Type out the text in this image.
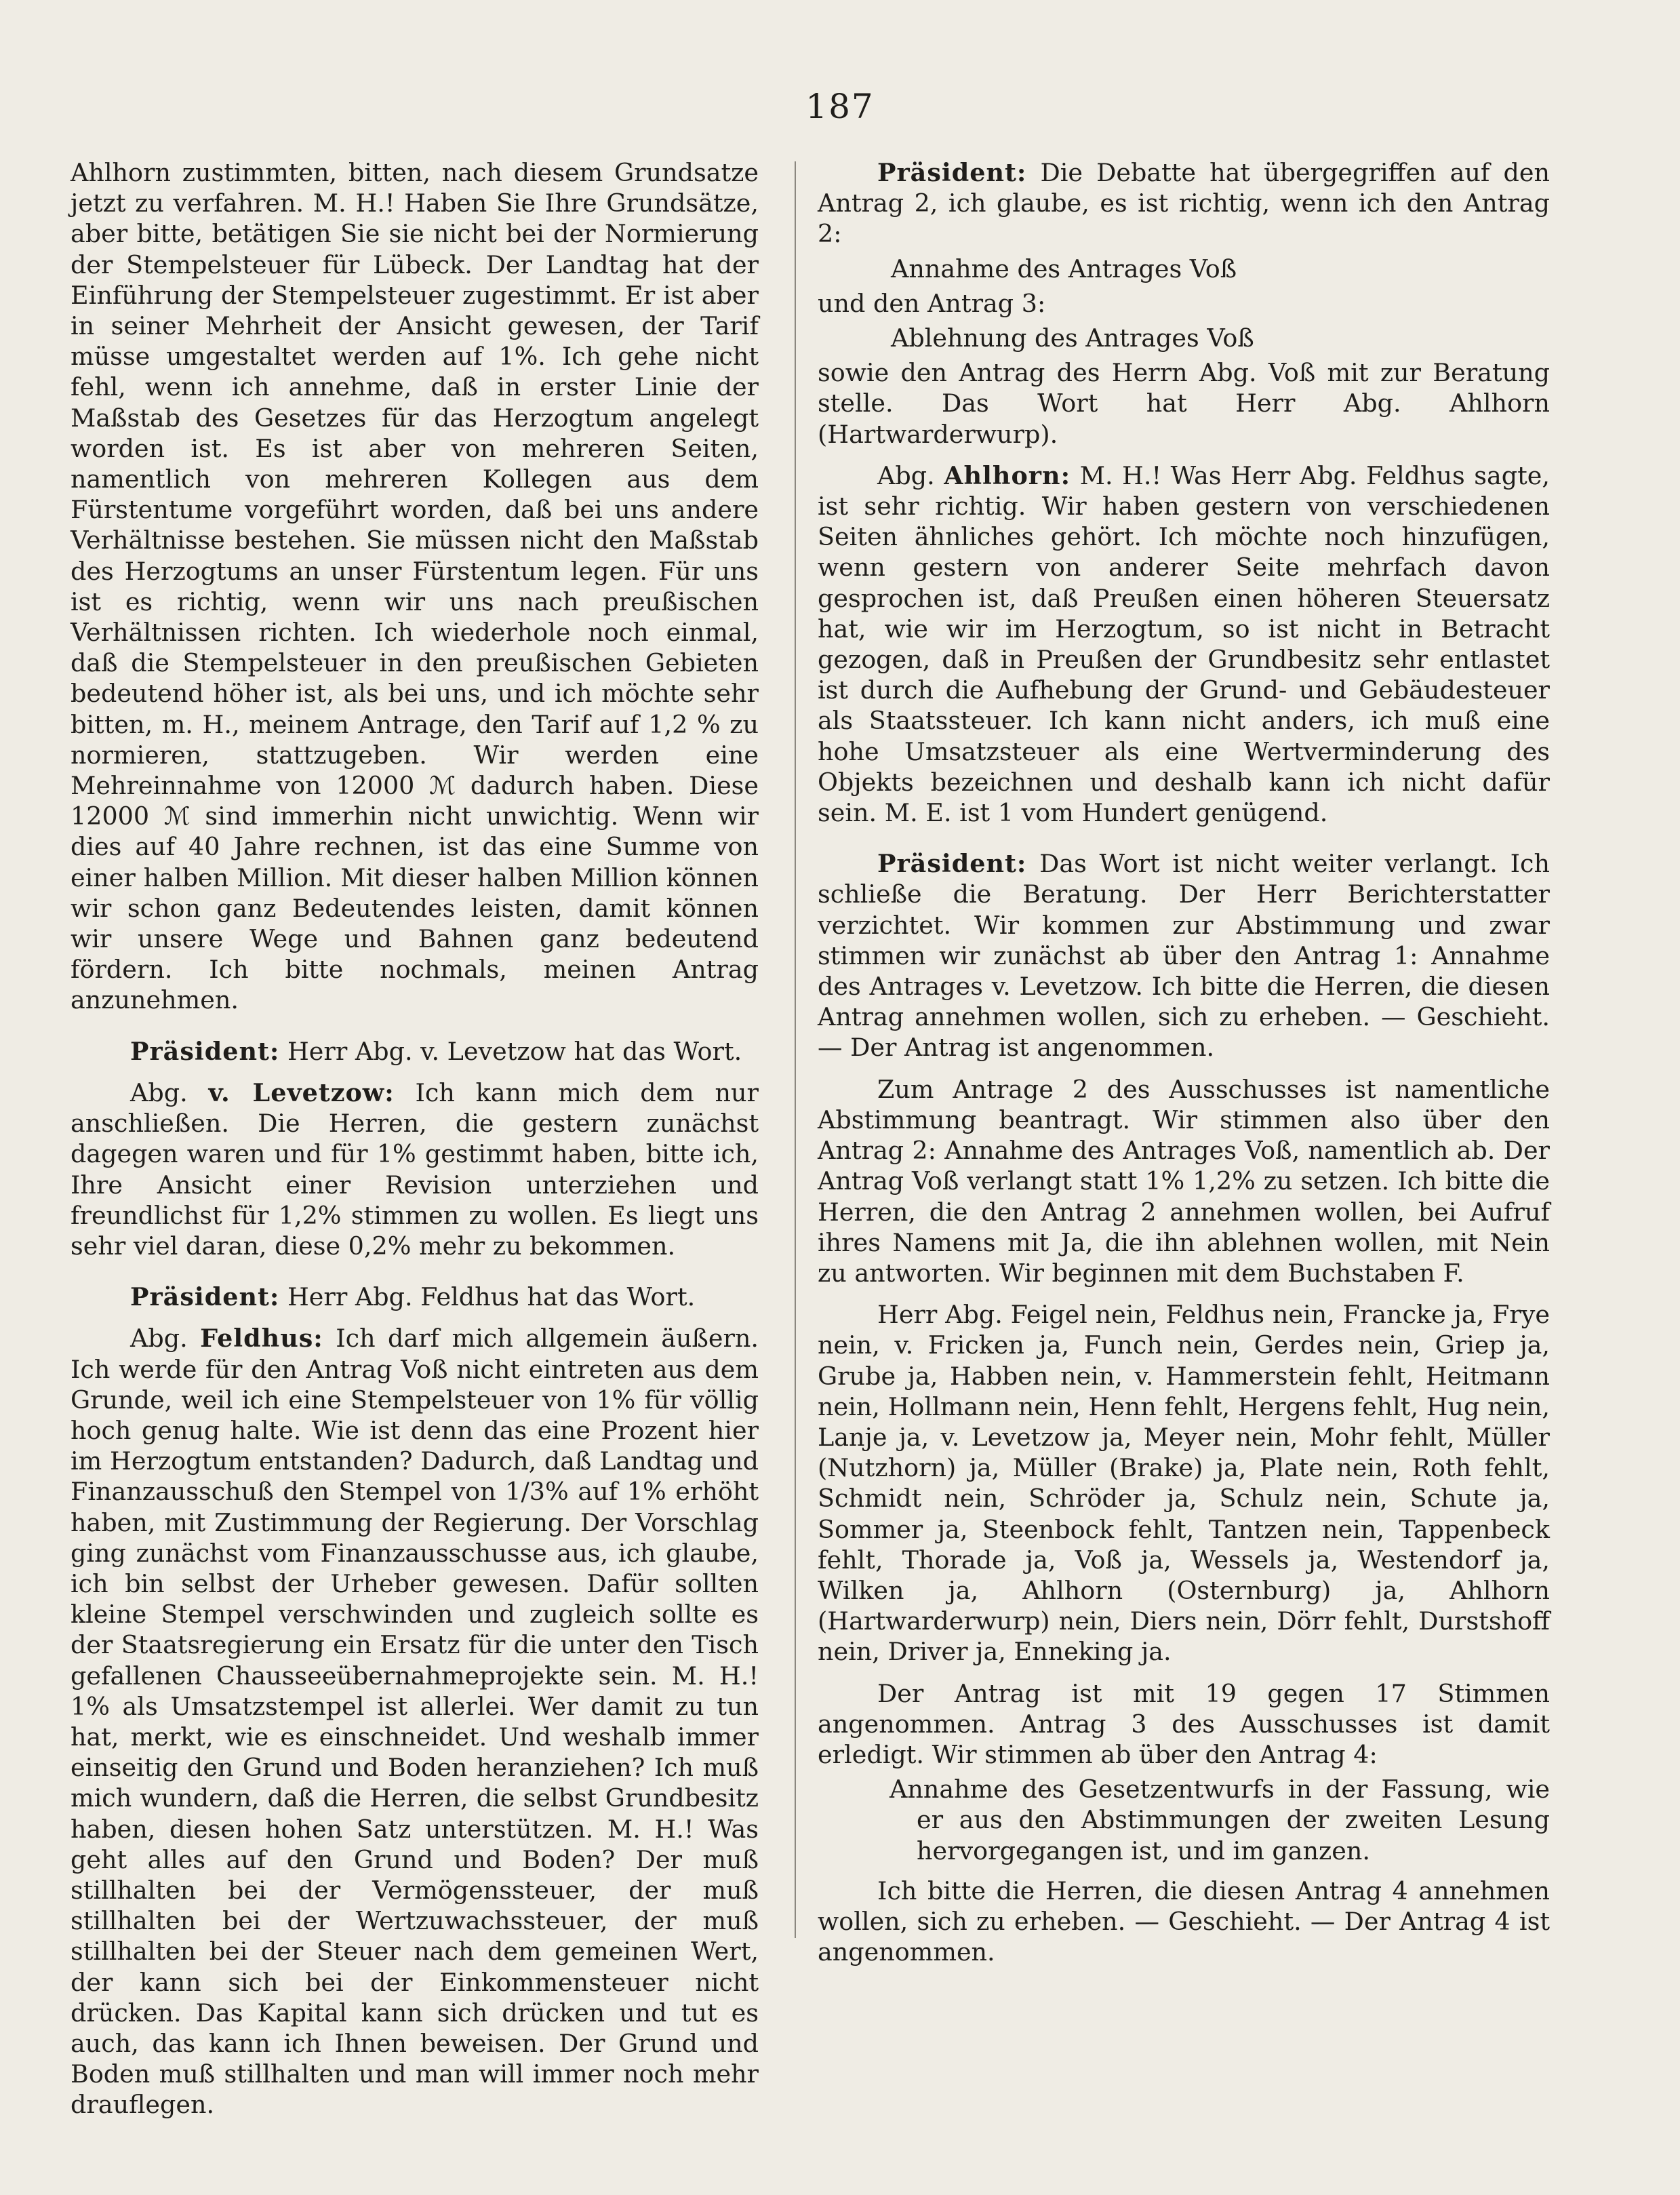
187

Ahlhorn zustimmten, bitten, nach diesem Grundsatze jetzt zu verfahren. M. H.! Haben Sie Ihre Grundsätze, aber bitte, betätigen Sie sie nicht bei der Normierung der Stempelsteuer für Lübeck. Der Landtag hat der Einführung der Stempelsteuer zugestimmt. Er ist aber in seiner Mehrheit der Ansicht gewesen, der Tarif müsse umgestaltet werden auf 1%. Ich gehe nicht fehl, wenn ich annehme, daß in erster Linie der Maßstab des Gesetzes für das Herzogtum angelegt worden ist. Es ist aber von mehreren Seiten, namentlich von mehreren Kollegen aus dem Fürstentume vorgeführt worden, daß bei uns andere Verhältnisse bestehen. Sie müssen nicht den Maßstab des Herzogtums an unser Fürstentum legen. Für uns ist es richtig, wenn wir uns nach preußischen Verhältnissen richten. Ich wiederhole noch einmal, daß die Stempelsteuer in den preußischen Gebieten bedeutend höher ist, als bei uns, und ich möchte sehr bitten, m. H., meinem Antrage, den Tarif auf 1,2 % zu normieren, stattzugeben. Wir werden eine Mehreinnahme von 12000 ℳ dadurch haben. Diese 12000 ℳ sind immerhin nicht unwichtig. Wenn wir dies auf 40 Jahre rechnen, ist das eine Summe von einer halben Million. Mit dieser halben Million können wir schon ganz Bedeutendes leisten, damit können wir unsere Wege und Bahnen ganz bedeutend fördern. Ich bitte nochmals, meinen Antrag anzunehmen.

Präsident: Herr Abg. v. Levetzow hat das Wort.

Abg. v. Levetzow: Ich kann mich dem nur anschließen. Die Herren, die gestern zunächst dagegen waren und für 1% gestimmt haben, bitte ich, Ihre Ansicht einer Revision unterziehen und freundlichst für 1,2% stimmen zu wollen. Es liegt uns sehr viel daran, diese 0,2% mehr zu bekommen.

Präsident: Herr Abg. Feldhus hat das Wort.

Abg. Feldhus: Ich darf mich allgemein äußern. Ich werde für den Antrag Voß nicht eintreten aus dem Grunde, weil ich eine Stempelsteuer von 1% für völlig hoch genug halte. Wie ist denn das eine Prozent hier im Herzogtum entstanden? Dadurch, daß Landtag und Finanzausschuß den Stempel von 1/3% auf 1% erhöht haben, mit Zustimmung der Regierung. Der Vorschlag ging zunächst vom Finanzausschusse aus, ich glaube, ich bin selbst der Urheber gewesen. Dafür sollten kleine Stempel verschwinden und zugleich sollte es der Staatsregierung ein Ersatz für die unter den Tisch gefallenen Chausseeübernahmeprojekte sein. M. H.! 1% als Umsatzstempel ist allerlei. Wer damit zu tun hat, merkt, wie es einschneidet. Und weshalb immer einseitig den Grund und Boden heranziehen? Ich muß mich wundern, daß die Herren, die selbst Grundbesitz haben, diesen hohen Satz unterstützen. M. H.! Was geht alles auf den Grund und Boden? Der muß stillhalten bei der Vermögenssteuer, der muß stillhalten bei der Wertzuwachssteuer, der muß stillhalten bei der Steuer nach dem gemeinen Wert, der kann sich bei der Einkommensteuer nicht drücken. Das Kapital kann sich drücken und tut es auch, das kann ich Ihnen beweisen. Der Grund und Boden muß stillhalten und man will immer noch mehr drauflegen.

Präsident: Die Debatte hat übergegriffen auf den Antrag 2, ich glaube, es ist richtig, wenn ich den Antrag 2:

Annahme des Antrages Voß

und den Antrag 3:

Ablehnung des Antrages Voß

sowie den Antrag des Herrn Abg. Voß mit zur Beratung stelle. Das Wort hat Herr Abg. Ahlhorn (Hartwarderwurp).

Abg. Ahlhorn: M. H.! Was Herr Abg. Feldhus sagte, ist sehr richtig. Wir haben gestern von verschiedenen Seiten ähnliches gehört. Ich möchte noch hinzufügen, wenn gestern von anderer Seite mehrfach davon gesprochen ist, daß Preußen einen höheren Steuersatz hat, wie wir im Herzogtum, so ist nicht in Betracht gezogen, daß in Preußen der Grundbesitz sehr entlastet ist durch die Aufhebung der Grund- und Gebäudesteuer als Staatssteuer. Ich kann nicht anders, ich muß eine hohe Umsatzsteuer als eine Wertverminderung des Objekts bezeichnen und deshalb kann ich nicht dafür sein. M. E. ist 1 vom Hundert genügend.

Präsident: Das Wort ist nicht weiter verlangt. Ich schließe die Beratung. Der Herr Berichterstatter verzichtet. Wir kommen zur Abstimmung und zwar stimmen wir zunächst ab über den Antrag 1: Annahme des Antrages v. Levetzow. Ich bitte die Herren, die diesen Antrag annehmen wollen, sich zu erheben. — Geschieht. — Der Antrag ist angenommen.

Zum Antrage 2 des Ausschusses ist namentliche Abstimmung beantragt. Wir stimmen also über den Antrag 2: Annahme des Antrages Voß, namentlich ab. Der Antrag Voß verlangt statt 1% 1,2% zu setzen. Ich bitte die Herren, die den Antrag 2 annehmen wollen, bei Aufruf ihres Namens mit Ja, die ihn ablehnen wollen, mit Nein zu antworten. Wir beginnen mit dem Buchstaben F.

Herr Abg. Feigel nein, Feldhus nein, Francke ja, Frye nein, v. Fricken ja, Funch nein, Gerdes nein, Griep ja, Grube ja, Habben nein, v. Hammerstein fehlt, Heitmann nein, Hollmann nein, Henn fehlt, Hergens fehlt, Hug nein, Lanje ja, v. Levetzow ja, Meyer nein, Mohr fehlt, Müller (Nutzhorn) ja, Müller (Brake) ja, Plate nein, Roth fehlt, Schmidt nein, Schröder ja, Schulz nein, Schute ja, Sommer ja, Steenbock fehlt, Tantzen nein, Tappenbeck fehlt, Thorade ja, Voß ja, Wessels ja, Westendorf ja, Wilken ja, Ahlhorn (Osternburg) ja, Ahlhorn (Hartwarderwurp) nein, Diers nein, Dörr fehlt, Durstshoff nein, Driver ja, Enneking ja.

Der Antrag ist mit 19 gegen 17 Stimmen angenommen. Antrag 3 des Ausschusses ist damit erledigt. Wir stimmen ab über den Antrag 4:

Annahme des Gesetzentwurfs in der Fassung, wie er aus den Abstimmungen der zweiten Lesung hervorgegangen ist, und im ganzen.

Ich bitte die Herren, die diesen Antrag 4 annehmen wollen, sich zu erheben. — Geschieht. — Der Antrag 4 ist angenommen.
